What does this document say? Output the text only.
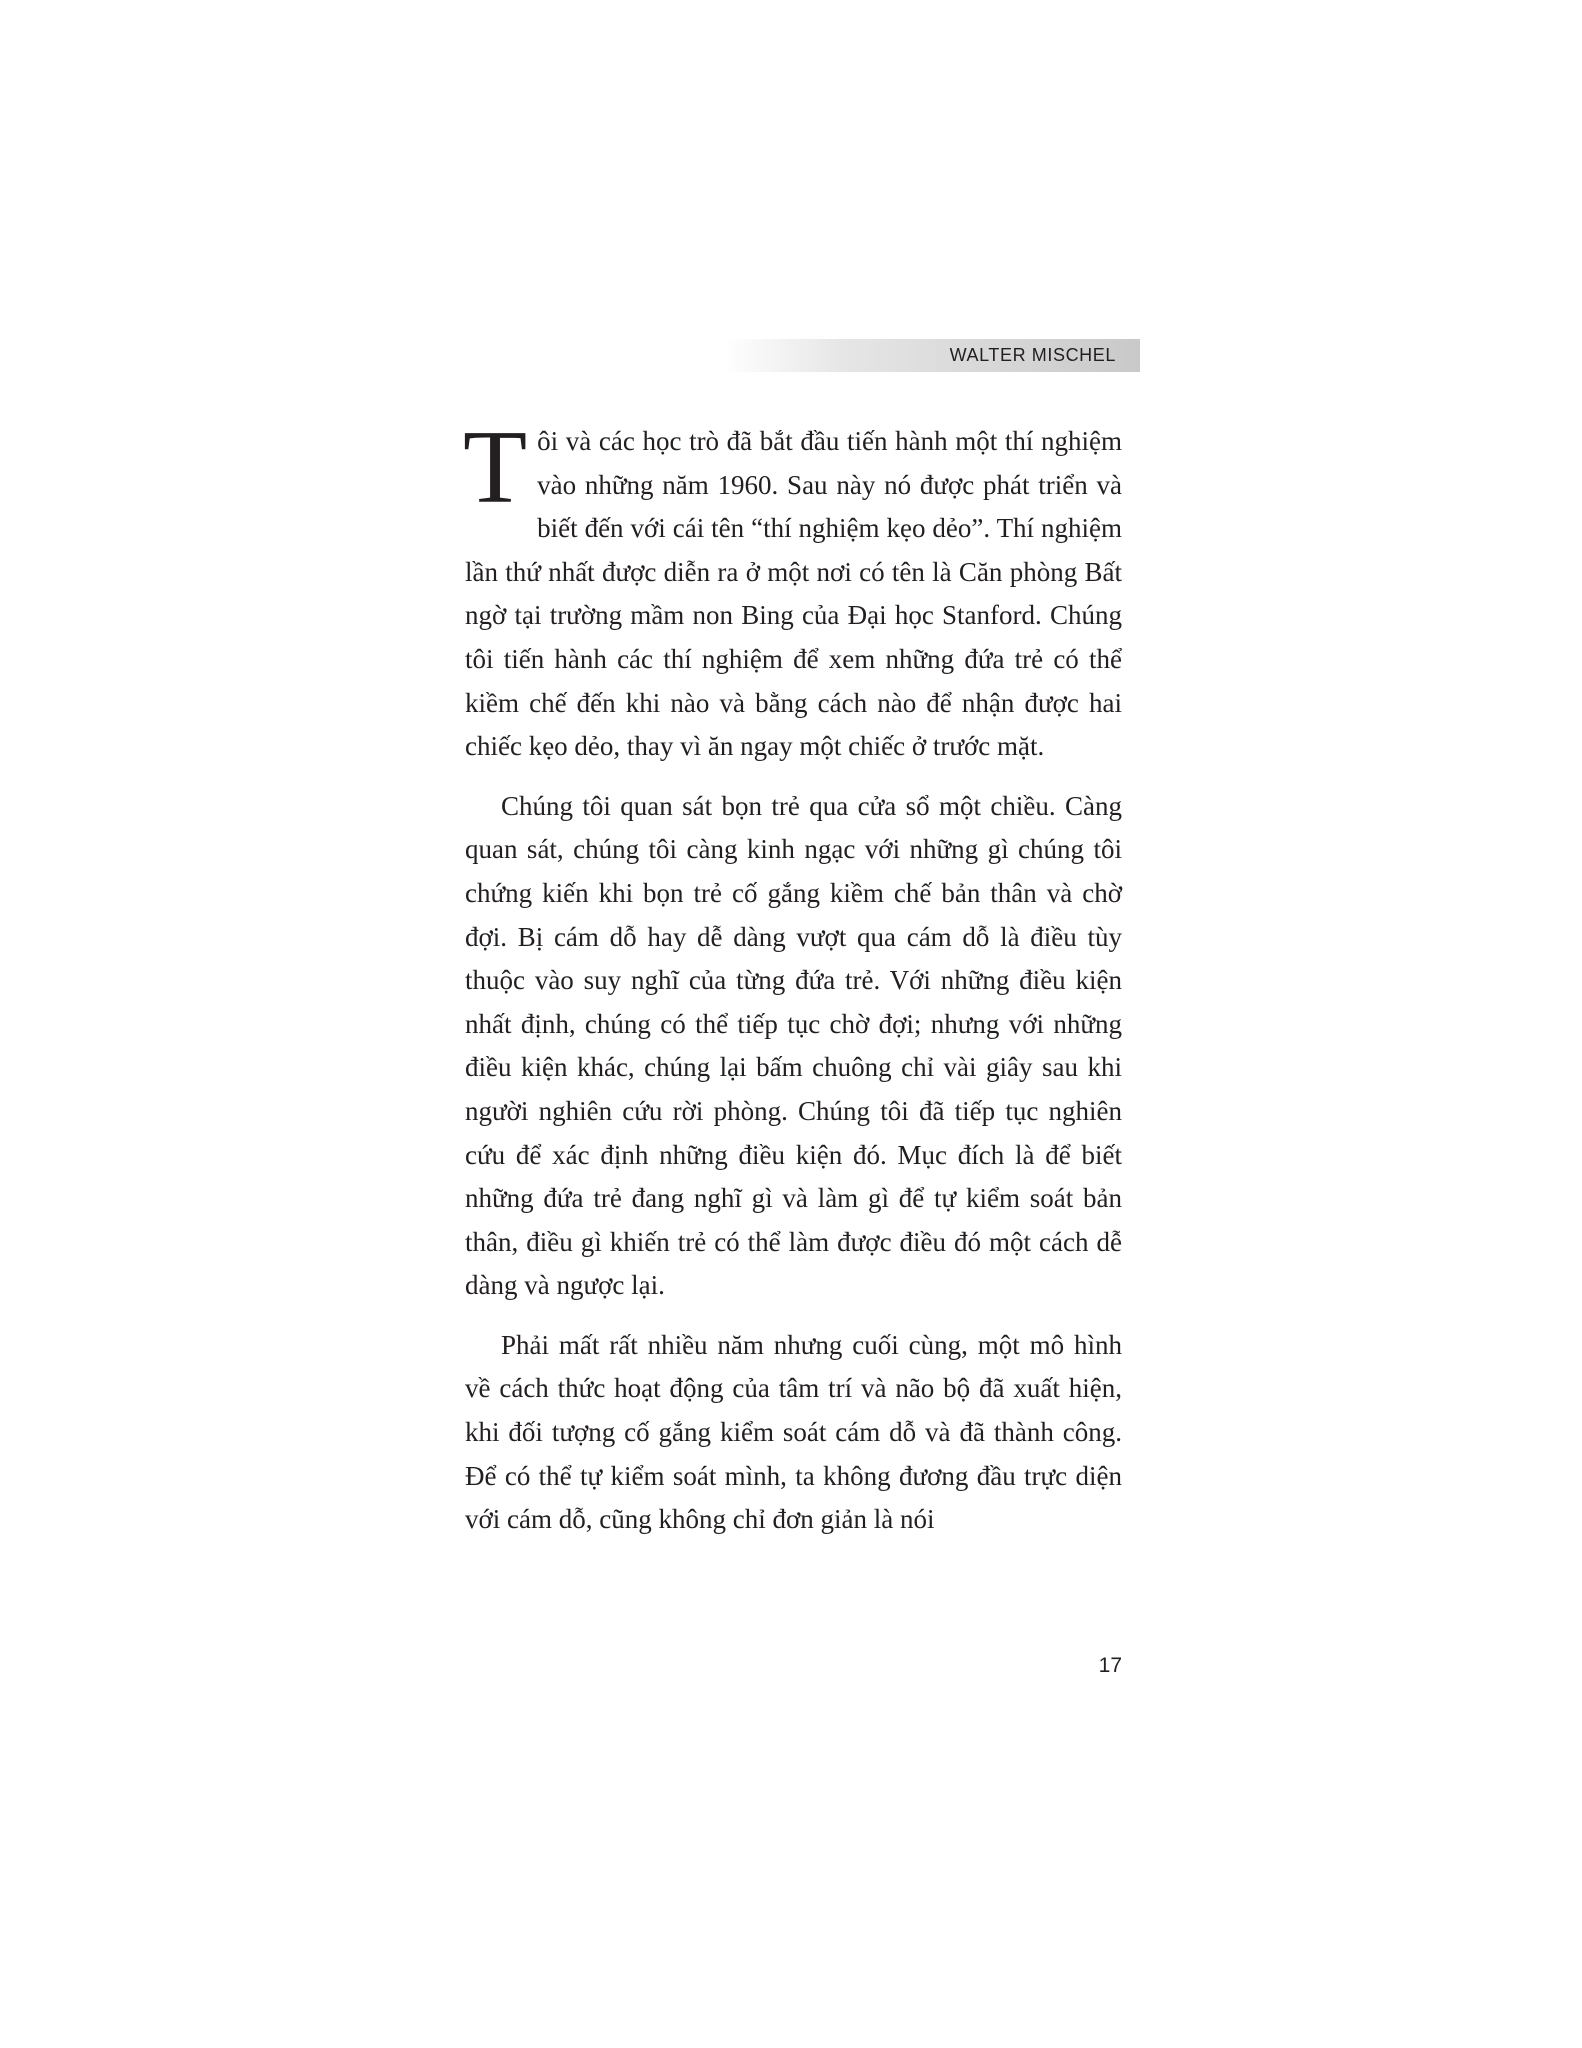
WALTER MISCHEL

Tôi và các học trò đã bắt đầu tiến hành một thí nghiệm vào những năm 1960. Sau này nó được phát triển và biết đến với cái tên “thí nghiệm kẹo dẻo”. Thí nghiệm lần thứ nhất được diễn ra ở một nơi có tên là Căn phòng Bất ngờ tại trường mầm non Bing của Đại học Stanford. Chúng tôi tiến hành các thí nghiệm để xem những đứa trẻ có thể kiềm chế đến khi nào và bằng cách nào để nhận được hai chiếc kẹo dẻo, thay vì ăn ngay một chiếc ở trước mặt.

Chúng tôi quan sát bọn trẻ qua cửa sổ một chiều. Càng quan sát, chúng tôi càng kinh ngạc với những gì chúng tôi chứng kiến khi bọn trẻ cố gắng kiềm chế bản thân và chờ đợi. Bị cám dỗ hay dễ dàng vượt qua cám dỗ là điều tùy thuộc vào suy nghĩ của từng đứa trẻ. Với những điều kiện nhất định, chúng có thể tiếp tục chờ đợi; nhưng với những điều kiện khác, chúng lại bấm chuông chỉ vài giây sau khi người nghiên cứu rời phòng. Chúng tôi đã tiếp tục nghiên cứu để xác định những điều kiện đó. Mục đích là để biết những đứa trẻ đang nghĩ gì và làm gì để tự kiểm soát bản thân, điều gì khiến trẻ có thể làm được điều đó một cách dễ dàng và ngược lại.

Phải mất rất nhiều năm nhưng cuối cùng, một mô hình về cách thức hoạt động của tâm trí và não bộ đã xuất hiện, khi đối tượng cố gắng kiểm soát cám dỗ và đã thành công. Để có thể tự kiểm soát mình, ta không đương đầu trực diện với cám dỗ, cũng không chỉ đơn giản là nói

17
